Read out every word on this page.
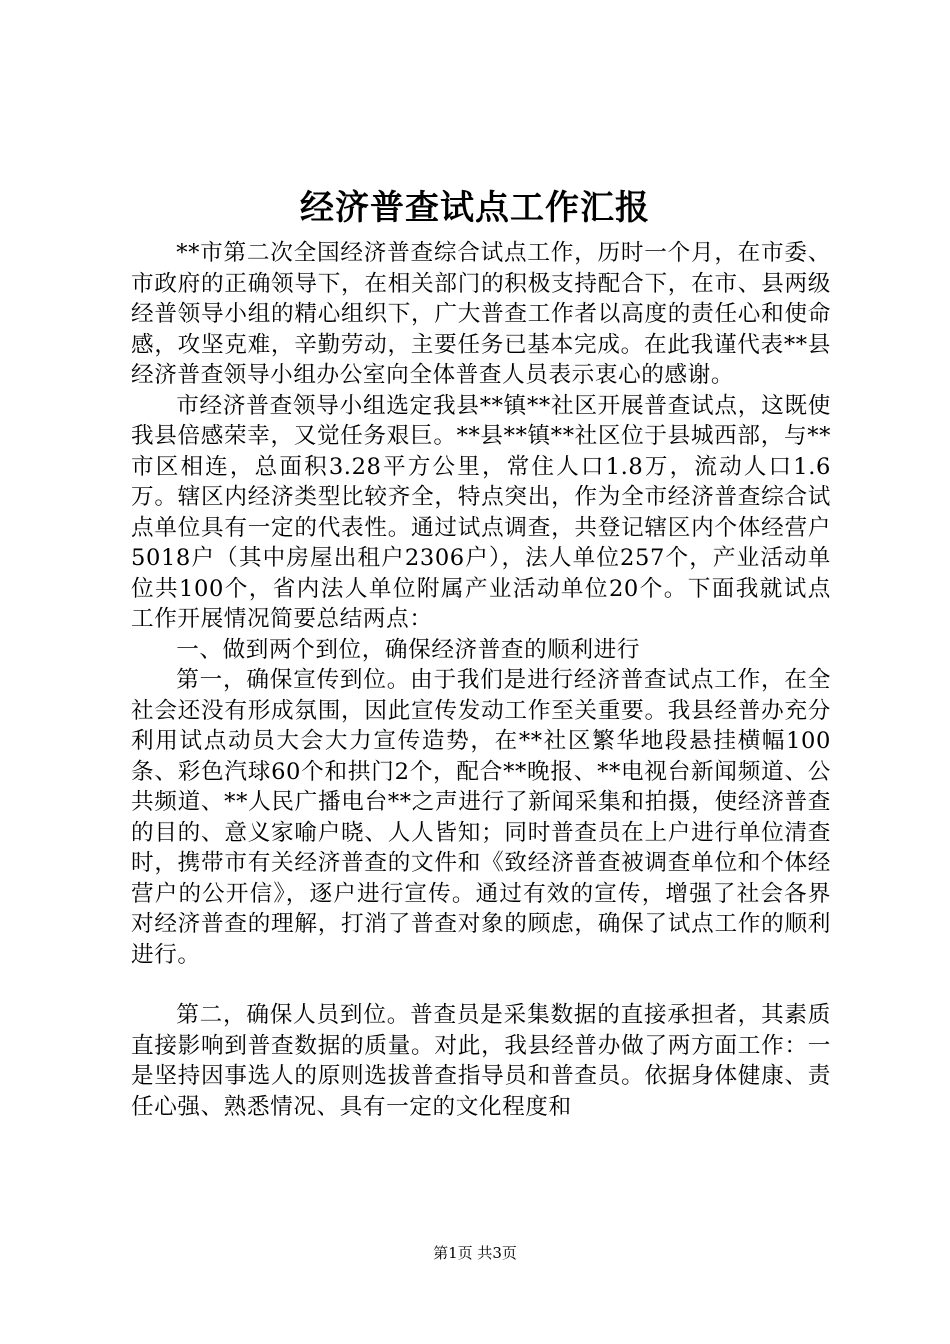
经济普查试点工作汇报

**市第二次全国经济普查综合试点工作，历时一个月，在市委、市政府的正确领导下，在相关部门的积极支持配合下，在市、县两级经普领导小组的精心组织下，广大普查工作者以高度的责任心和使命感，攻坚克难，辛勤劳动，主要任务已基本完成。在此我谨代表**县经济普查领导小组办公室向全体普查人员表示衷心的感谢。

市经济普查领导小组选定我县**镇**社区开展普查试点，这既使我县倍感荣幸，又觉任务艰巨。**县**镇**社区位于县城西部，与**市区相连，总面积3.28平方公里，常住人口1.8万，流动人口1.6万。辖区内经济类型比较齐全，特点突出，作为全市经济普查综合试点单位具有一定的代表性。通过试点调查，共登记辖区内个体经营户5018户（其中房屋出租户2306户），法人单位257个，产业活动单位共100个，省内法人单位附属产业活动单位20个。下面我就试点工作开展情况简要总结两点：

一、做到两个到位，确保经济普查的顺利进行

第一，确保宣传到位。由于我们是进行经济普查试点工作，在全社会还没有形成氛围，因此宣传发动工作至关重要。我县经普办充分利用试点动员大会大力宣传造势，在**社区繁华地段悬挂横幅100条、彩色汽球60个和拱门2个，配合**晚报、**电视台新闻频道、公共频道、**人民广播电台**之声进行了新闻采集和拍摄，使经济普查的目的、意义家喻户晓、人人皆知；同时普查员在上户进行单位清查时，携带市有关经济普查的文件和《致经济普查被调查单位和个体经营户的公开信》，逐户进行宣传。通过有效的宣传，增强了社会各界对经济普查的理解，打消了普查对象的顾虑，确保了试点工作的顺利进行。

第二，确保人员到位。普查员是采集数据的直接承担者，其素质直接影响到普查数据的质量。对此，我县经普办做了两方面工作：一是坚持因事选人的原则选拔普查指导员和普查员。依据身体健康、责任心强、熟悉情况、具有一定的文化程度和

第1页 共3页
